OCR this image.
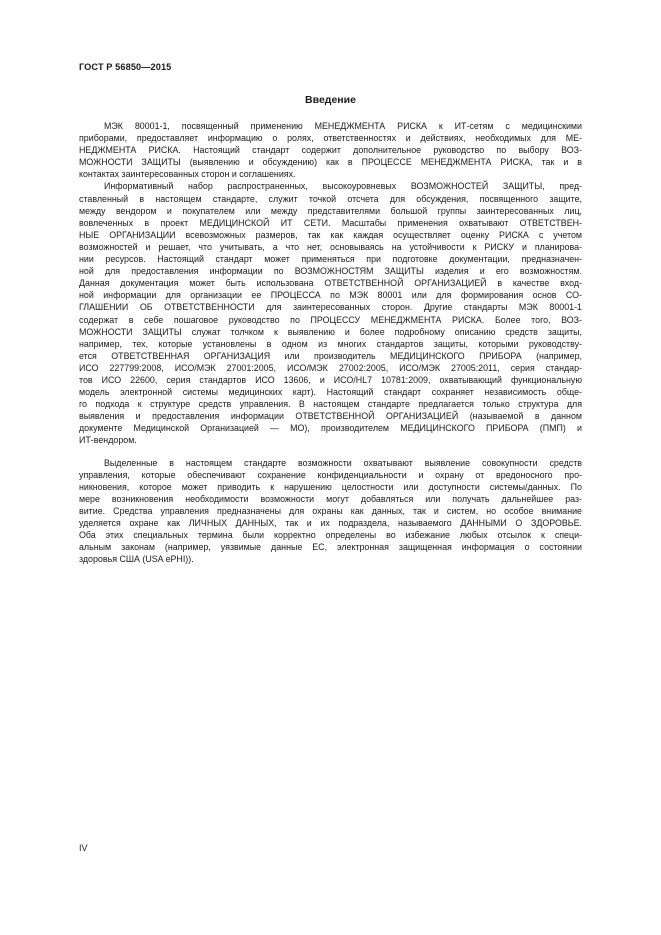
ГОСТ Р 56850—2015
Введение
МЭК 80001-1, посвященный применению МЕНЕДЖМЕНТА РИСКА к ИТ-сетям с медицинскими
приборами, предоставляет информацию о ролях, ответственностях и действиях, необходимых для МЕ-
НЕДЖМЕНТА РИСКА. Настоящий стандарт содержит дополнительное руководство по выбору ВОЗ-
МОЖНОСТИ ЗАЩИТЫ (выявлению и обсуждению) как в ПРОЦЕССЕ МЕНЕДЖМЕНТА РИСКА, так и в
контактах заинтересованных сторон и соглашениях.
Информативный набор распространенных, высокоуровневых ВОЗМОЖНОСТЕЙ ЗАЩИТЫ, пред-
ставленный в настоящем стандарте, служит точкой отсчета для обсуждения, посвященного защите,
между вендором и покупателем или между представителями большой группы заинтересованных лиц,
вовлеченных в проект МЕДИЦИНСКОЙ ИТ СЕТИ. Масштабы применения охватывают ОТВЕТСТВЕН-
НЫЕ ОРГАНИЗАЦИИ всевозможных размеров, так как каждая осуществляет оценку РИСКА с учетом
возможностей и решает, что учитывать, а что нет, основываясь на устойчивости к РИСКУ и планирова-
нии ресурсов. Настоящий стандарт может применяться при подготовке документации, предназначен-
ной для предоставления информации по ВОЗМОЖНОСТЯМ ЗАЩИТЫ изделия и его возможностям.
Данная документация может быть использована ОТВЕТСТВЕННОЙ ОРГАНИЗАЦИЕЙ в качестве вход-
ной информации для организации ее ПРОЦЕССА по МЭК 80001 или для формирования основ СО-
ГЛАШЕНИИ ОБ ОТВЕТСТВЕННОСТИ для заинтересованных сторон. Другие стандарты МЭК 80001-1
содержат в себе пошаговое руководство по ПРОЦЕССУ МЕНЕДЖМЕНТА РИСКА. Более того, ВОЗ-
МОЖНОСТИ ЗАЩИТЫ служат толчком к выявлению и более подробному описанию средств защиты,
например, тех, которые установлены в одном из многих стандартов защиты, которыми руководству-
ется ОТВЕТСТВЕННАЯ ОРГАНИЗАЦИЯ или производитель МЕДИЦИНСКОГО ПРИБОРА (например,
ИСО 227799:2008, ИСО/МЭК 27001:2005, ИСО/МЭК 27002:2005, ИСО/МЭК 27005:2011, серия стандар-
тов ИСО 22600, серия стандартов ИСО 13606, и ИСО/HL7 10781:2009, охватывающий функциональную
модель электронной системы медицинских карт). Настоящий стандарт сохраняет независимость обще-
го подхода к структуре средств управления. В настоящем стандарте предлагается только структура для
выявления и предоставления информации ОТВЕТСТВЕННОЙ ОРГАНИЗАЦИЕЙ (называемой в данном
документе Медицинской Организацией — МО), производителем МЕДИЦИНСКОГО ПРИБОРА (ПМП) и
ИТ-вендором.
Выделенные в настоящем стандарте возможности охватывают выявление совокупности средств
управления, которые обеспечивают сохранение конфиденциальности и охрану от вредоносного про-
никновения, которое может приводить к нарушению целостности или доступности системы/данных. По
мере возникновения необходимости возможности могут добавляться или получать дальнейшее раз-
витие. Средства управления предназначены для охраны как данных, так и систем, но особое внимание
уделяется охране как ЛИЧНЫХ ДАННЫХ, так и их подраздела, называемого ДАННЫМИ О ЗДОРОВЬЕ.
Оба этих специальных термина были корректно определены во избежание любых отсылок к специ-
альным законам (например, уязвимые данные ЕС, электронная защищенная информация о состоянии
здоровья США (USA ePHI)).
IV
